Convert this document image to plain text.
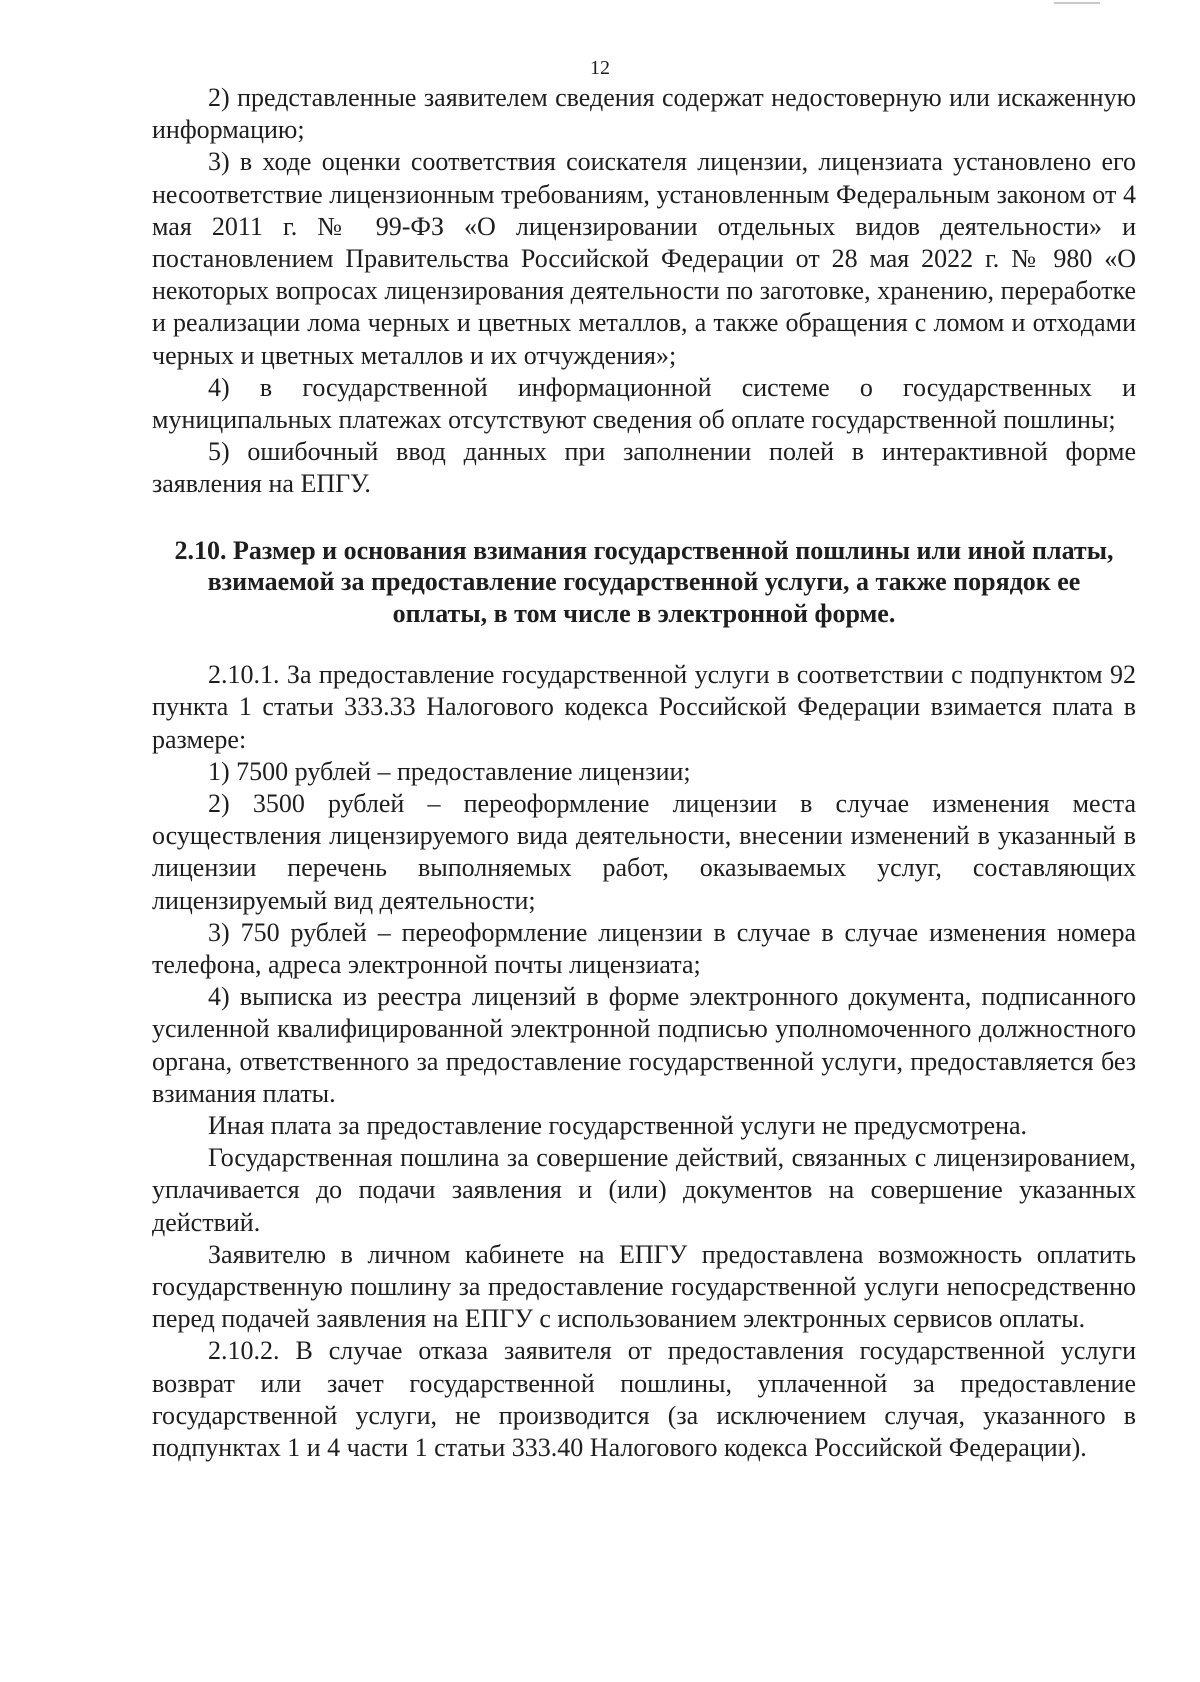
12

2) представленные заявителем сведения содержат недостоверную или искаженную информацию;

3) в ходе оценки соответствия соискателя лицензии, лицензиата установлено его несоответствие лицензионным требованиям, установленным Федеральным законом от 4 мая 2011 г. № 99-ФЗ «О лицензировании отдельных видов деятельности» и постановлением Правительства Российской Федерации от 28 мая 2022 г. № 980 «О некоторых вопросах лицензирования деятельности по заготовке, хранению, переработке и реализации лома черных и цветных металлов, а также обращения с ломом и отходами черных и цветных металлов и их отчуждения»;

4) в государственной информационной системе о государственных и муниципальных платежах отсутствуют сведения об оплате государственной пошлины;

5) ошибочный ввод данных при заполнении полей в интерактивной форме заявления на ЕПГУ.

2.10. Размер и основания взимания государственной пошлины или иной платы, взимаемой за предоставление государственной услуги, а также порядок ее оплаты, в том числе в электронной форме.

2.10.1. За предоставление государственной услуги в соответствии с подпунктом 92 пункта 1 статьи 333.33 Налогового кодекса Российской Федерации взимается плата в размере:

1) 7500 рублей – предоставление лицензии;

2) 3500 рублей – переоформление лицензии в случае изменения места осуществления лицензируемого вида деятельности, внесении изменений в указанный в лицензии перечень выполняемых работ, оказываемых услуг, составляющих лицензируемый вид деятельности;

3) 750 рублей – переоформление лицензии в случае в случае изменения номера телефона, адреса электронной почты лицензиата;

4) выписка из реестра лицензий в форме электронного документа, подписанного усиленной квалифицированной электронной подписью уполномоченного должностного органа, ответственного за предоставление государственной услуги, предоставляется без взимания платы.

Иная плата за предоставление государственной услуги не предусмотрена.

Государственная пошлина за совершение действий, связанных с лицензированием, уплачивается до подачи заявления и (или) документов на совершение указанных действий.

Заявителю в личном кабинете на ЕПГУ предоставлена возможность оплатить государственную пошлину за предоставление государственной услуги непосредственно перед подачей заявления на ЕПГУ с использованием электронных сервисов оплаты.

2.10.2. В случае отказа заявителя от предоставления государственной услуги возврат или зачет государственной пошлины, уплаченной за предоставление государственной услуги, не производится (за исключением случая, указанного в подпунктах 1 и 4 части 1 статьи 333.40 Налогового кодекса Российской Федерации).
